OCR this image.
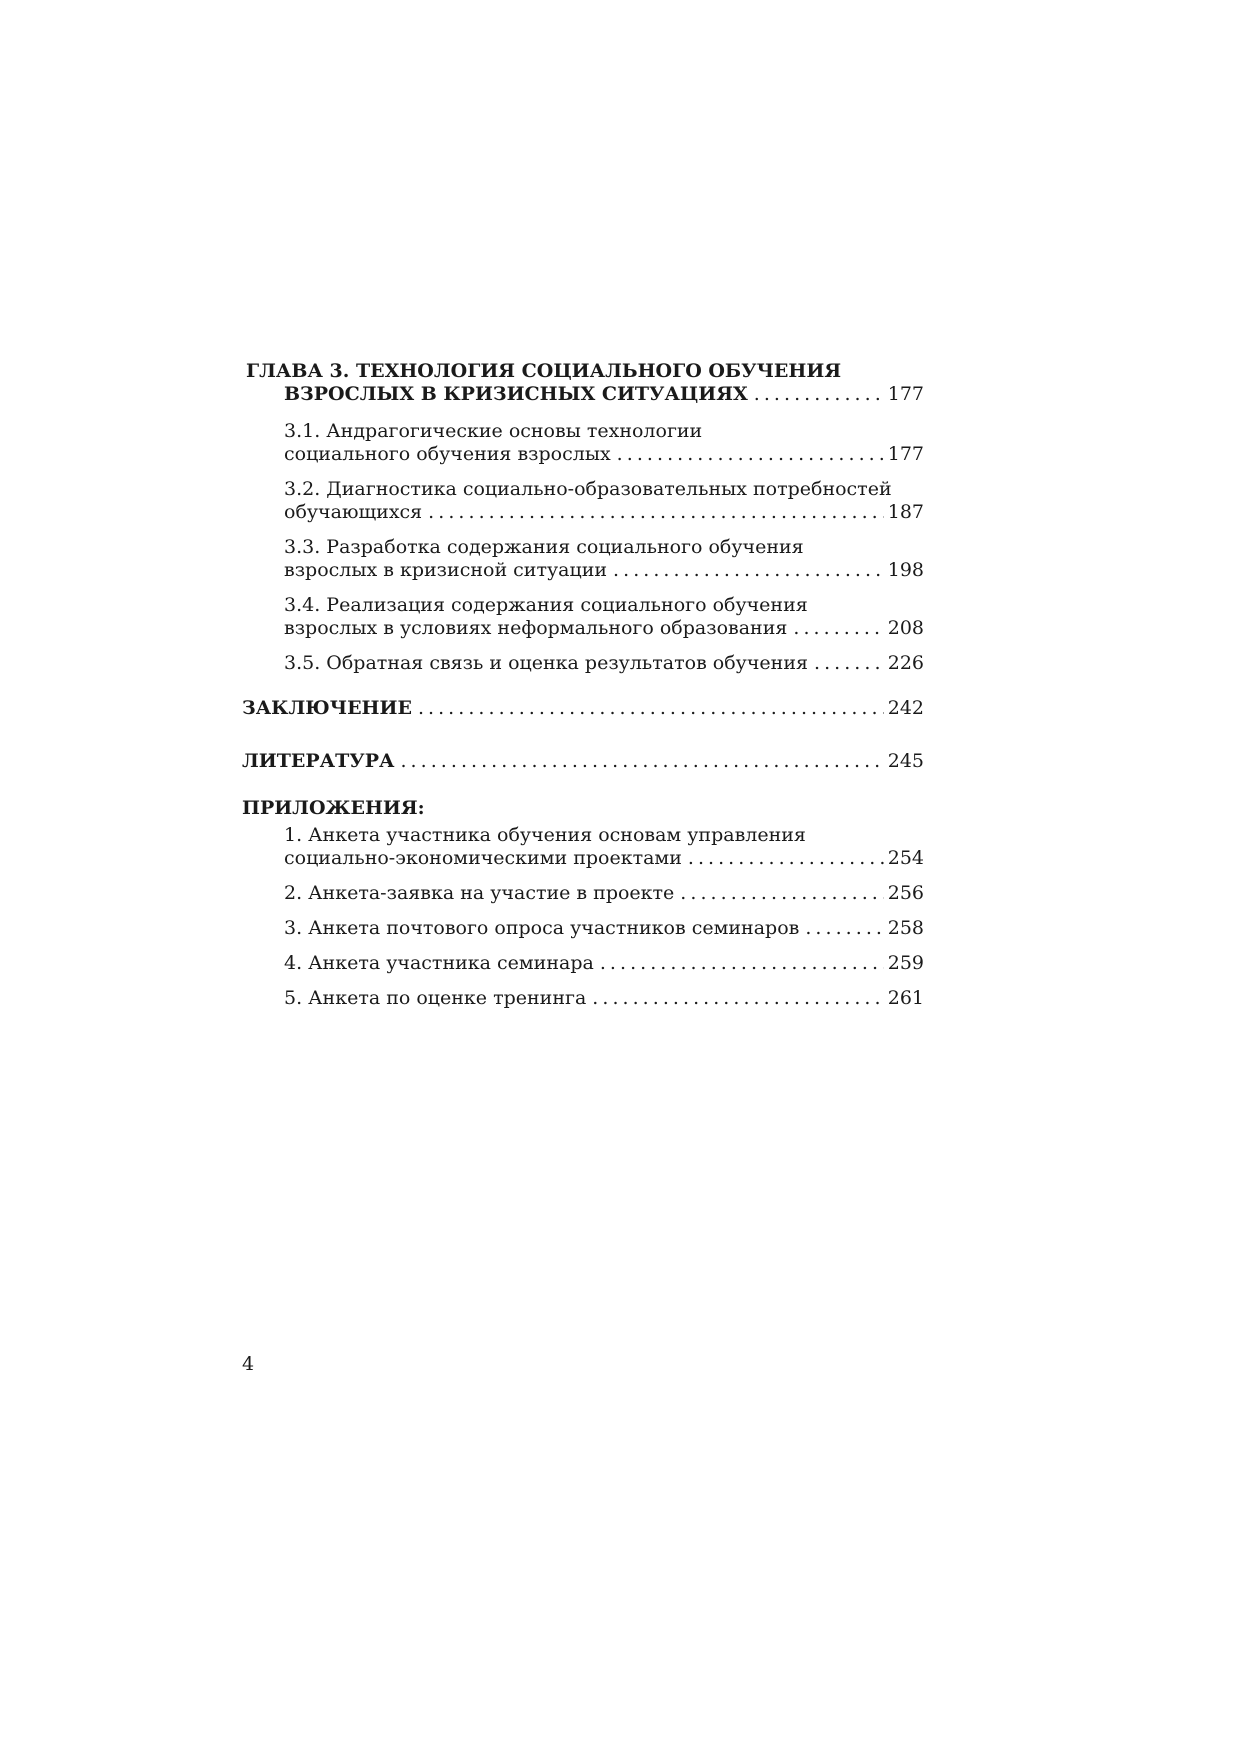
ГЛАВА 3. ТЕХНОЛОГИЯ СОЦИАЛЬНОГО ОБУЧЕНИЯ
ВЗРОСЛЫХ В КРИЗИСНЫХ СИТУАЦИЯХ . . .	177
3.1. Андрагогические основы технологии
социального обучения взрослых . . .	177
3.2. Диагностика социально-образовательных потребностей
обучающихся . . .	187
3.3. Разработка содержания социального обучения
взрослых в кризисной ситуации . . .	198
3.4. Реализация содержания социального обучения
взрослых в условиях неформального образования . . .	208
3.5. Обратная связь и оценка результатов обучения . . .	226
ЗАКЛЮЧЕНИЕ . . .	242
ЛИТЕРАТУРА . . .	245
ПРИЛОЖЕНИЯ:
1. Анкета участника обучения основам управления
социально-экономическими проектами . . .	254
2. Анкета-заявка на участие в проекте . . .	256
3. Анкета почтового опроса участников семинаров . . .	258
4. Анкета участника семинара . . .	259
5. Анкета по оценке тренинга . . .	261
4
